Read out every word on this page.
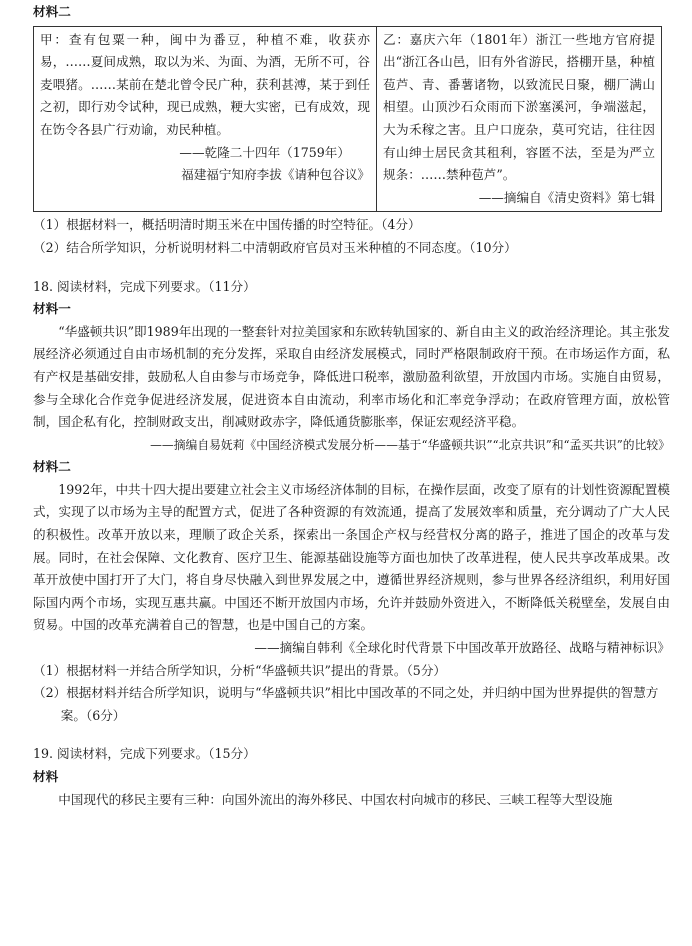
材料二
甲：查有包粟一种，闽中为番豆，种植不难，收获亦易，……夏间成熟，取以为米、为面、为酒，无所不可，谷麦喂猪。……某前在楚北曾令民广种，获利甚溥，某于到任之初，即行劝令试种，现已成熟，粳大实密，已有成效，现在饬令各县广行劝谕，劝民种植。
——乾隆二十四年（1759年）
福建福宁知府李拔《请种包谷议》

乙：嘉庆六年（1801年）浙江一些地方官府提出“浙江各山邑，旧有外省游民，搭棚开垦，种植苞芦、青、番薯诸物，以致流民日聚，棚厂满山相望。山顶沙石众雨而下淤塞溪河，争端滋起，大为禾稼之害。且户口庞杂，莫可究诘，往往因有山绅士居民贪其租利，容匿不法，至是为严立规条：……禁种苞芦”。
——摘编自《清史资料》第七辑
（1）根据材料一，概括明清时期玉米在中国传播的时空特征。（4分）
（2）结合所学知识，分析说明材料二中清朝政府官员对玉米种植的不同态度。（10分）
18. 阅读材料，完成下列要求。（11分）
材料一

“华盛顿共识”即1989年出现的一整套针对拉美国家和东欧转轨国家的、新自由主义的政治经济理论。其主张发展经济必须通过自由市场机制的充分发挥，采取自由经济发展模式，同时严格限制政府干预。在市场运作方面，私有产权是基础安排，鼓励私人自由参与市场竞争，降低进口税率，激励盈利欲望，开放国内市场。实施自由贸易，参与全球化合作竞争促进经济发展，促进资本自由流动，利率市场化和汇率竞争浮动；在政府管理方面，放松管制，国企私有化，控制财政支出，削减财政赤字，降低通货膨胀率，保证宏观经济平稳。

——摘编自易妩莉《中国经济模式发展分析——基于“华盛顿共识”“北京共识”和“孟买共识”的比较》

材料二

1992年，中共十四大提出要建立社会主义市场经济体制的目标，在操作层面，改变了原有的计划性资源配置模式，实现了以市场为主导的配置方式，促进了各种资源的有效流通，提高了发展效率和质量，充分调动了广大人民的积极性。改革开放以来，理顺了政企关系，探索出一条国企产权与经营权分离的路子，推进了国企的改革与发展。同时，在社会保障、文化教育、医疗卫生、能源基础设施等方面也加快了改革进程，使人民共享改革成果。改革开放使中国打开了大门，将自身尽快融入到世界发展之中，遵循世界经济规则，参与世界各经济组织，利用好国际国内两个市场，实现互惠共赢。中国还不断开放国内市场，允许并鼓励外资进入，不断降低关税壁垒，发展自由贸易。中国的改革充满着自己的智慧，也是中国自己的方案。

——摘编自韩利《全球化时代背景下中国改革开放路径、战略与精神标识》

（1）根据材料一并结合所学知识，分析“华盛顿共识”提出的背景。（5分）
（2）根据材料并结合所学知识，说明与“华盛顿共识”相比中国改革的不同之处，并归纳中国为世界提供的智慧方案。（6分）
19. 阅读材料，完成下列要求。（15分）
材料

中国现代的移民主要有三种：向国外流出的海外移民、中国农村向城市的移民、三峡工程等大型设施
